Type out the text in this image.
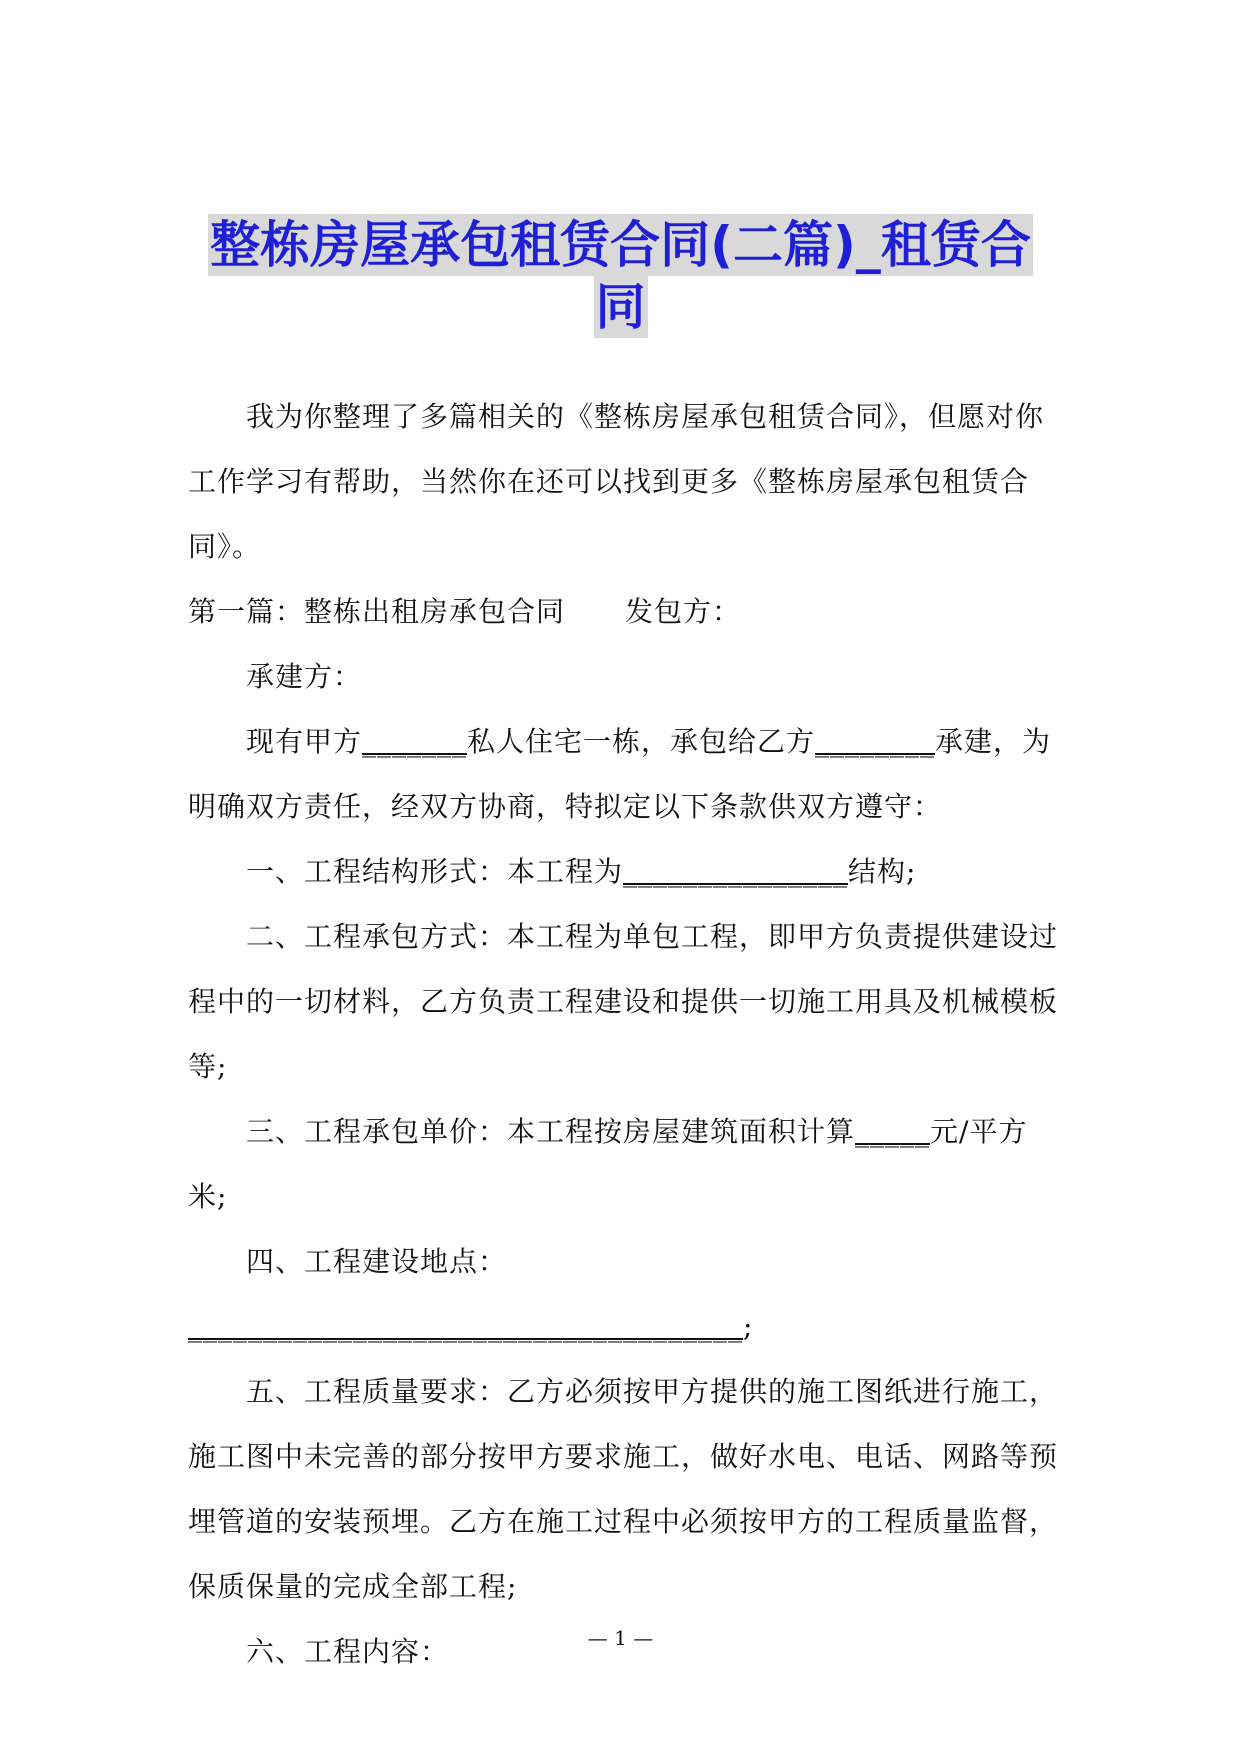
整栋房屋承包租赁合同(二篇)_租赁合
同

我为你整理了多篇相关的《整栋房屋承包租赁合同》，但愿对你工作学习有帮助，当然你在还可以找到更多《整栋房屋承包租赁合同》。

第一篇：整栋出租房承包合同 发包方：

承建方：

现有甲方_______私人住宅一栋，承包给乙方________承建，为明确双方责任，经双方协商，特拟定以下条款供双方遵守：

一、工程结构形式：本工程为_______________结构;

二、工程承包方式：本工程为单包工程，即甲方负责提供建设过程中的一切材料，乙方负责工程建设和提供一切施工用具及机械模板等;

三、工程承包单价：本工程按房屋建筑面积计算_____元/平方米;

四、工程建设地点：_____________________________________;

五、工程质量要求：乙方必须按甲方提供的施工图纸进行施工，施工图中未完善的部分按甲方要求施工，做好水电、电话、网路等预埋管道的安装预埋。乙方在施工过程中必须按甲方的工程质量监督，保质保量的完成全部工程;

六、工程内容：	— 1 —
